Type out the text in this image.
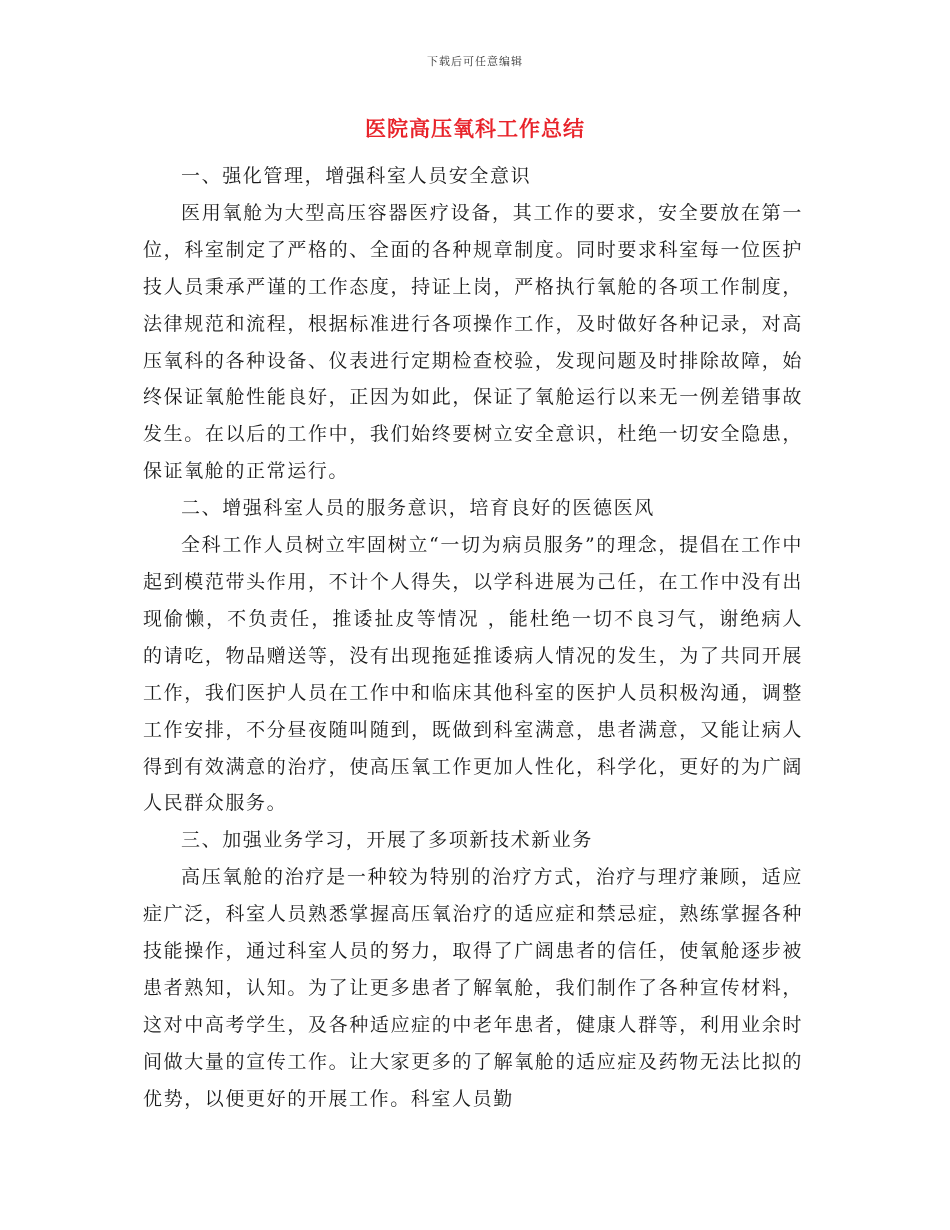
下载后可任意编辑
医院高压氧科工作总结

一、强化管理，增强科室人员安全意识

医用氧舱为大型高压容器医疗设备，其工作的要求，安全要放在第一位，科室制定了严格的、全面的各种规章制度。同时要求科室每一位医护技人员秉承严谨的工作态度，持证上岗，严格执行氧舱的各项工作制度，法律规范和流程，根据标准进行各项操作工作，及时做好各种记录，对高压氧科的各种设备、仪表进行定期检查校验，发现问题及时排除故障，始终保证氧舱性能良好，正因为如此，保证了氧舱运行以来无一例差错事故发生。在以后的工作中，我们始终要树立安全意识，杜绝一切安全隐患，保证氧舱的正常运行。

二、增强科室人员的服务意识，培育良好的医德医风

全科工作人员树立牢固树立“一切为病员服务”的理念，提倡在工作中起到模范带头作用，不计个人得失，以学科进展为己任，在工作中没有出现偷懒，不负责任，推诿扯皮等情况 ，能杜绝一切不良习气，谢绝病人的请吃，物品赠送等，没有出现拖延推诿病人情况的发生，为了共同开展工作，我们医护人员在工作中和临床其他科室的医护人员积极沟通，调整工作安排，不分昼夜随叫随到，既做到科室满意，患者满意，又能让病人得到有效满意的治疗，使高压氧工作更加人性化，科学化，更好的为广阔人民群众服务。

三、加强业务学习，开展了多项新技术新业务

高压氧舱的治疗是一种较为特别的治疗方式，治疗与理疗兼顾，适应症广泛，科室人员熟悉掌握高压氧治疗的适应症和禁忌症，熟练掌握各种技能操作，通过科室人员的努力，取得了广阔患者的信任，使氧舱逐步被患者熟知，认知。为了让更多患者了解氧舱，我们制作了各种宣传材料，这对中高考学生，及各种适应症的中老年患者，健康人群等，利用业余时间做大量的宣传工作。让大家更多的了解氧舱的适应症及药物无法比拟的优势，以便更好的开展工作。科室人员勤
